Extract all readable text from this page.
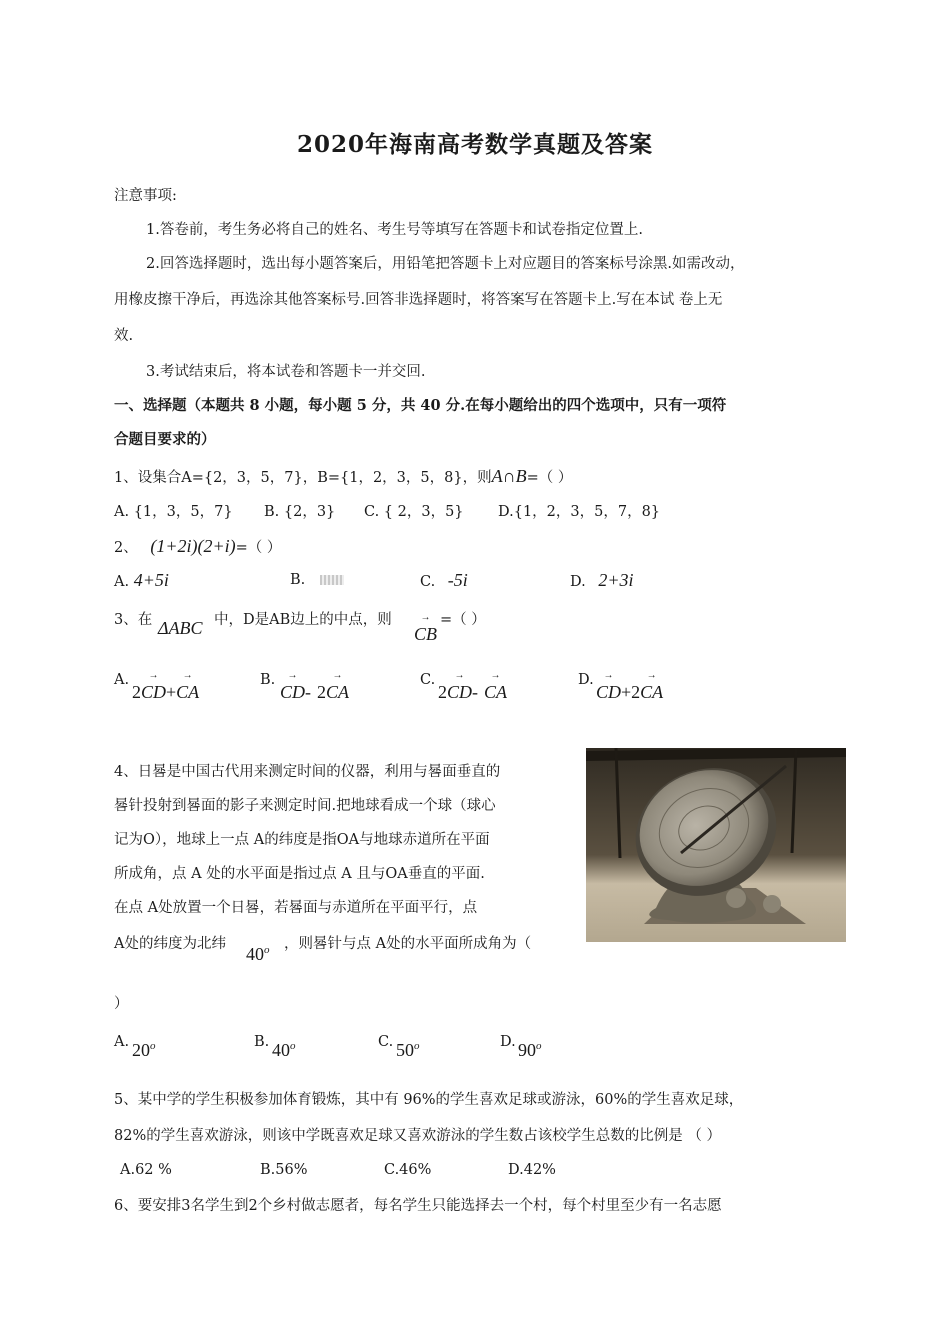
2020年海南高考数学真题及答案
注意事项:
1.答卷前，考生务必将自己的姓名、考生号等填写在答题卡和试卷指定位置上.
2.回答选择题时，选出每小题答案后，用铅笔把答题卡上对应题目的答案标号涂黑.如需改动，
用橡皮擦干净后，再选涂其他答案标号.回答非选择题时，将答案写在答题卡上.写在本试 卷上无
效.
3.考试结束后，将本试卷和答题卡一并交回.
一、选择题（本题共 8 小题，每小题 5 分，共 40 分.在每小题给出的四个选项中，只有一项符
合题目要求的）
1、设集合A={2，3，5，7}，B={1，2，3，5，8}，则A∩B=（ ）
A. {1，3，5，7} B. {2，3} C. { 2，3，5} D.{1，2，3，5，7，8}
2、 (1+2i)(2+i)=（ ）
A. 4+5i	B.	C. -5i	D. 2+3i
3、在 ΔABC 中，D是AB边上的中点，则
→ CB
=（ ）
A.
2→ CD+→ CA
B.
→ CD- 2→ CA
C.
2→ CD-→ CA
D.
→ CD+2→ CA
4、日晷是中国古代用来测定时间的仪器，利用与晷面垂直的
晷针投射到晷面的影子来测定时间.把地球看成一个球（球心
记为O），地球上一点 A的纬度是指OA与地球赤道所在平面
所成角，点 A 处的水平面是指过点 A 且与OA垂直的平面.
在点 A处放置一个日晷，若晷面与赤道所在平面平行，点
A处的纬度为北纬 40$^o$ ，则晷针与点 A处的水平面所成角为（
）
A. 20$^o$	B. 40$^o$	C. 50$^o$	D. 90$^o$
5、某中学的学生积极参加体育锻炼，其中有 96%的学生喜欢足球或游泳，60%的学生喜欢足球，
82%的学生喜欢游泳，则该中学既喜欢足球又喜欢游泳的学生数占该校学生总数的比例是 （ ）
A.62 %	B.56%	C.46%	D.42%
6、要安排3名学生到2个乡村做志愿者，每名学生只能选择去一个村，每个村里至少有一名志愿
